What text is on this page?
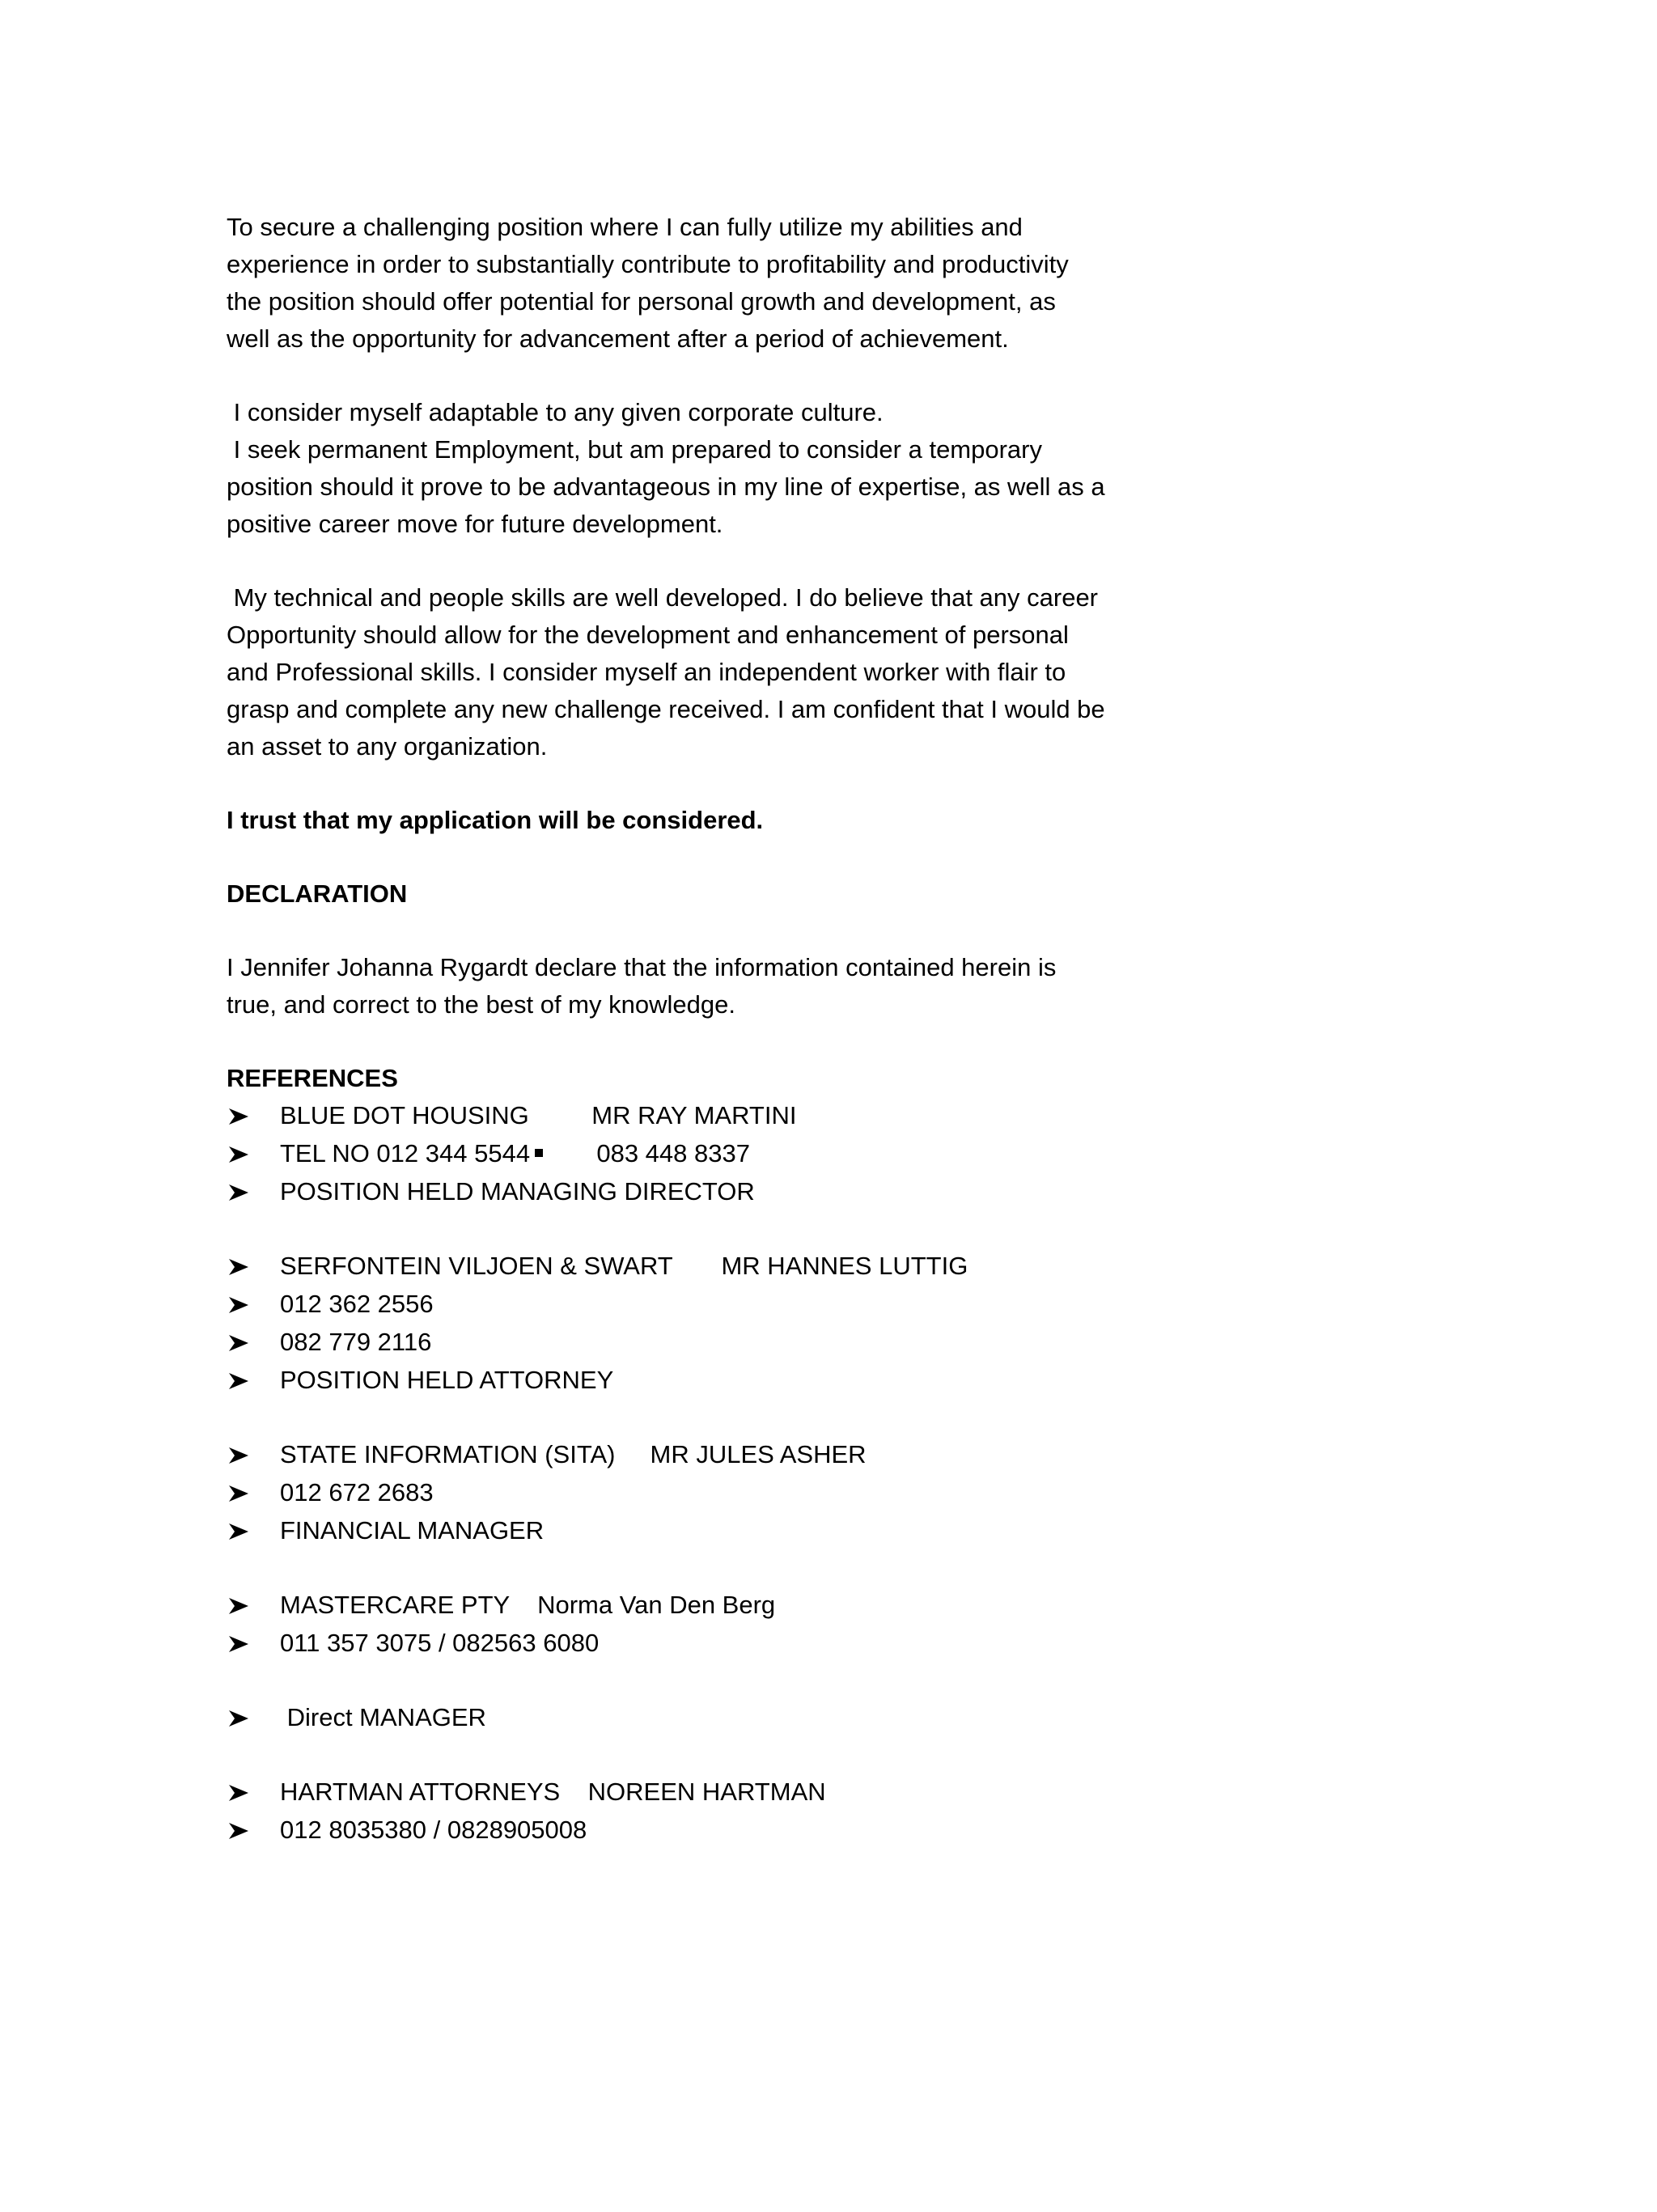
To secure a challenging position where I can fully utilize my abilities and
experience in order to substantially contribute to profitability and productivity
the position should offer potential for personal growth and development, as
well as the opportunity for advancement after a period of achievement.
I consider myself adaptable to any given corporate culture.
I seek permanent Employment, but am prepared to consider a temporary
position should it prove to be advantageous in my line of expertise, as well as a
positive career move for future development.
My technical and people skills are well developed. I do believe that any career
Opportunity should allow for the development and enhancement of personal
and Professional skills. I consider myself an independent worker with flair to
grasp and complete any new challenge received. I am confident that I would be
an asset to any organization.
I trust that my application will be considered.
DECLARATION
I Jennifer Johanna Rygardt declare that the information contained herein is
true, and correct to the best of my knowledge.
REFERENCES
BLUE DOT HOUSING         MR RAY MARTINI
TEL NO 012 344 5544       083 448 8337
POSITION HELD MANAGING DIRECTOR
SERFONTEIN VILJOEN & SWART       MR HANNES LUTTIG
012 362 2556
082 779 2116
POSITION HELD ATTORNEY
STATE INFORMATION (SITA)     MR JULES ASHER
012 672 2683
FINANCIAL MANAGER
MASTERCARE PTY    Norma Van Den Berg
011 357 3075 / 082563 6080
Direct MANAGER
HARTMAN ATTORNEYS    NOREEN HARTMAN
012 8035380 / 0828905008
